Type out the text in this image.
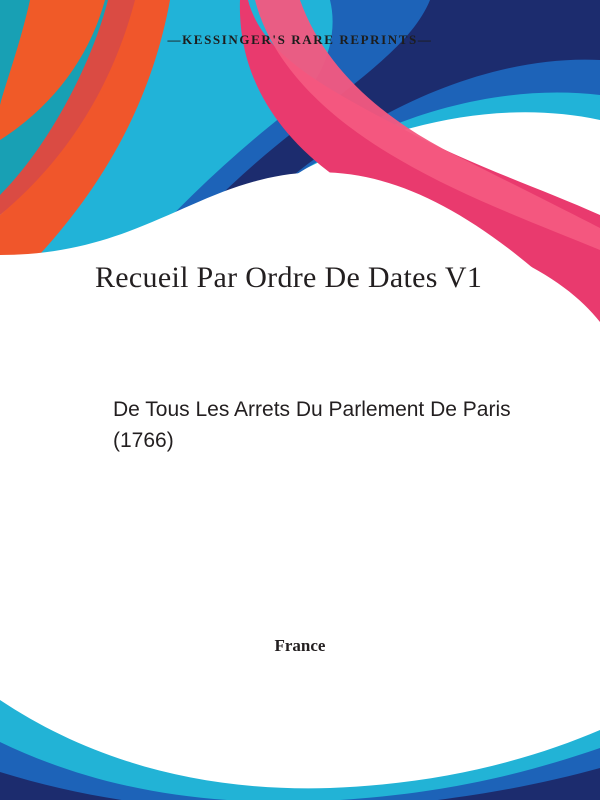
—KESSINGER'S RARE REPRINTS—
Recueil Par Ordre De Dates V1
De Tous Les Arrets Du Parlement De Paris (1766)
France
